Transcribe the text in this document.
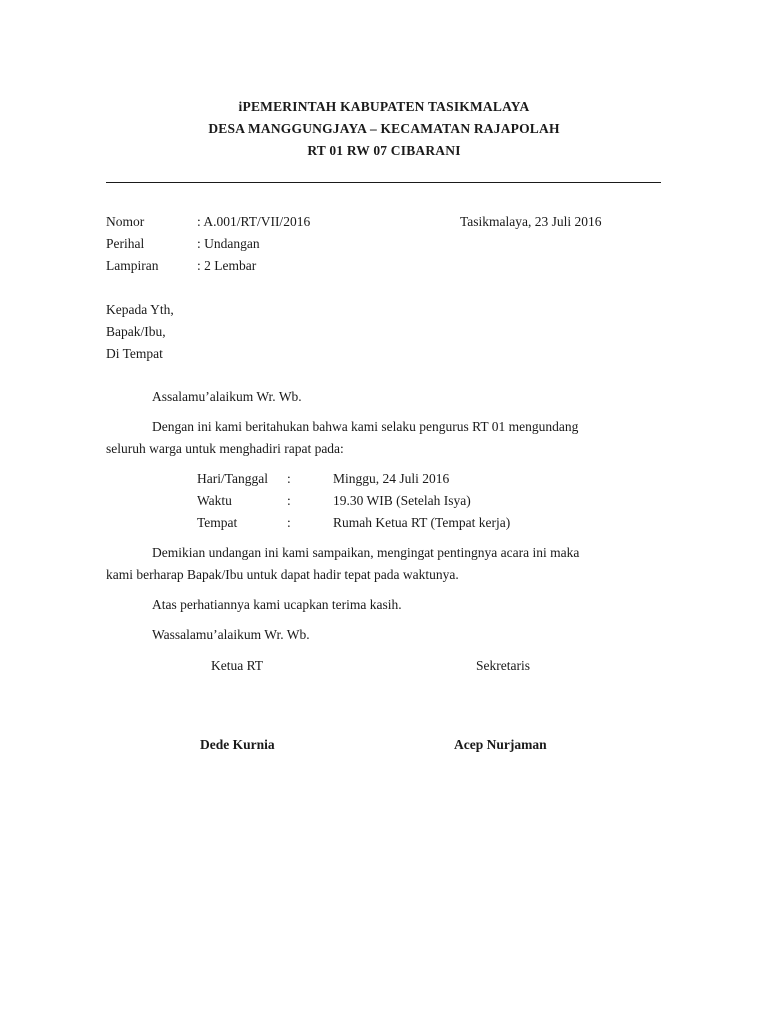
iPEMERINTAH KABUPATEN TASIKMALAYA
DESA MANGGUNGJAYA – KECAMATAN RAJAPOLAH
RT 01 RW 07 CIBARANI
Nomor	: A.001/RT/VII/2016	Tasikmalaya, 23 Juli 2016
Perihal	: Undangan
Lampiran	: 2 Lembar
Kepada Yth,
Bapak/Ibu,
Di Tempat
Assalamu’alaikum Wr. Wb.
Dengan ini kami beritahukan bahwa kami selaku pengurus RT 01 mengundang
seluruh warga untuk menghadiri rapat pada:
Hari/Tanggal :	Minggu, 24 Juli 2016
Waktu	:	19.30 WIB (Setelah Isya)
Tempat	:	Rumah Ketua RT (Tempat kerja)
Demikian undangan ini kami sampaikan, mengingat pentingnya acara ini maka
kami berharap Bapak/Ibu untuk dapat hadir tepat pada waktunya.
Atas perhatiannya kami ucapkan terima kasih.
Wassalamu’alaikum Wr. Wb.
Ketua RT	Sekretaris
Dede Kurnia	Acep Nurjaman
